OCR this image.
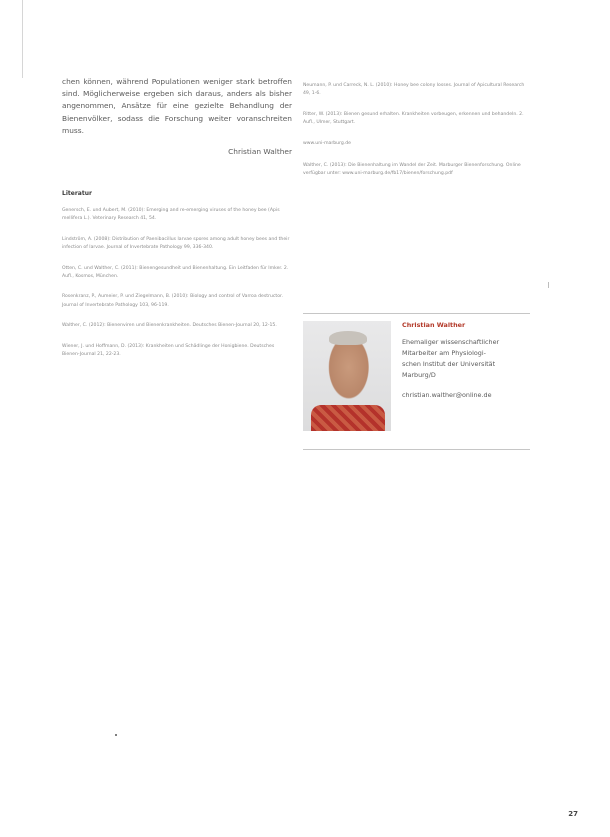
chen können, während Populationen weniger stark betroffen sind. Möglicherweise ergeben sich daraus, anders als bisher angenommen, Ansätze für eine gezielte Behandlung der Bienenvölker, sodass die Forschung weiter voranschreiten muss.

Christian Walther

Literatur

Genersch, E. und Aubert, M. (2010): Emerging and re-emerging viruses of the honey bee (Apis mellifera L.). Veterinary Research 41, 54.

Lindström, A. (2008): Distribution of Paenibacillus larvae spores among adult honey bees and their infection of larvae. Journal of Invertebrate Pathology 99, 336-340.

Otten, C. und Walther, C. (2011): Bienengesundheit und Bienenhaltung. Ein Leitfaden für Imker. 2. Aufl., Kosmos, München.

Rosenkranz, P., Aumeier, P. und Ziegelmann, B. (2010): Biology and control of Varroa destructor. Journal of Invertebrate Pathology 103, 96-119.

Walther, C. (2012): Bienenviren und Bienenkrankheiten. Deutsches Bienen-Journal 20, 12-15.

Wiener, J. und Hoffmann, D. (2013): Krankheiten und Schädlinge der Honigbiene. Deutsches Bienen-Journal 21, 22-23.

Neumann, P. und Carreck, N. L. (2010): Honey bee colony losses. Journal of Apicultural Research 49, 1-6.

Ritter, W. (2013): Bienen gesund erhalten. Krankheiten vorbeugen, erkennen und behandeln. 2. Aufl., Ulmer, Stuttgart.

www.uni-marburg.de

Walther, C. (2013): Die Bienenhaltung im Wandel der Zeit. Marburger Bienenforschung. Online verfügbar unter: www.uni-marburg.de/fb17/bienen/forschung.pdf

Christian Walther

Ehemaliger wissenschaftlicher
Mitarbeiter am Physiologi-
schen Institut der Universität
Marburg/D

christian.walther@online.de

27
